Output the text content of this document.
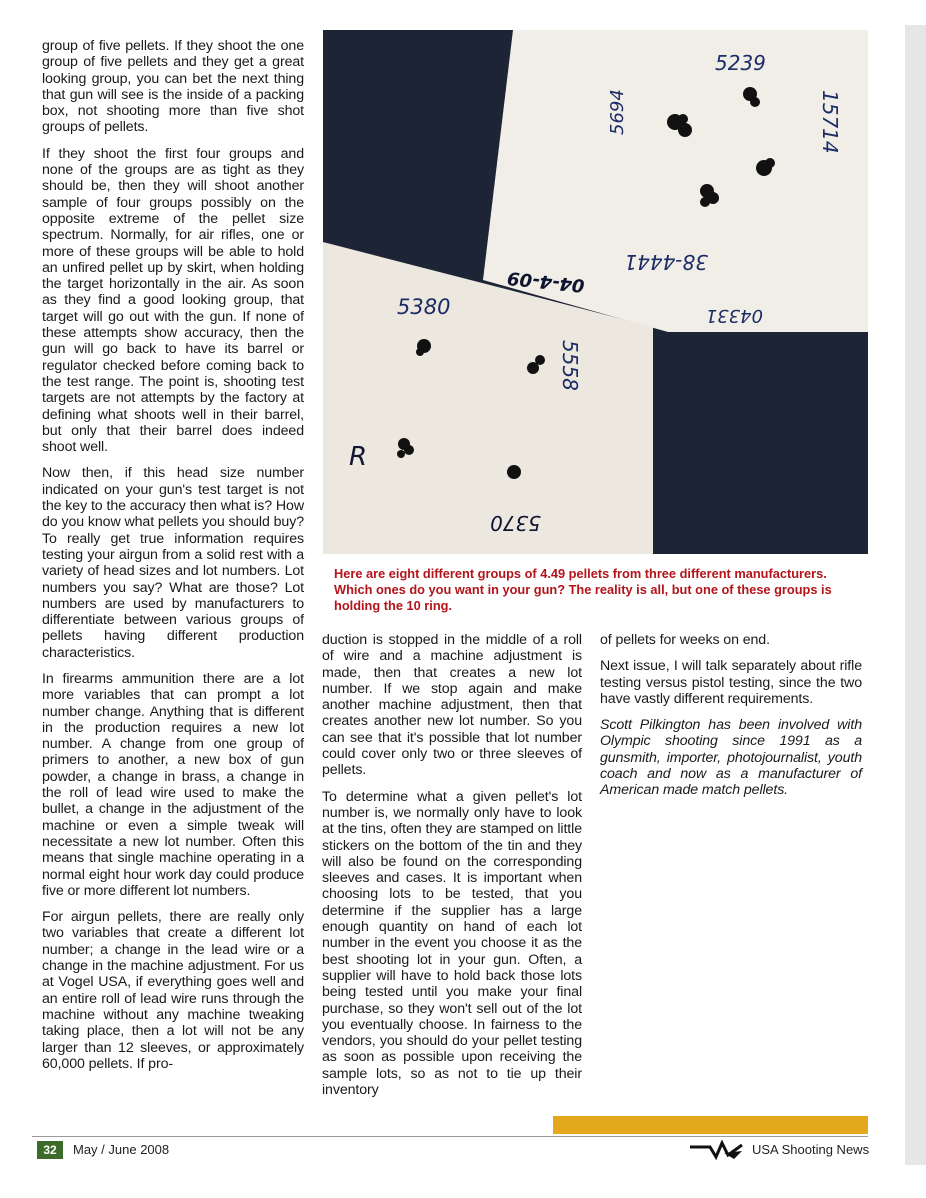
group of five pellets. If they shoot the one group of five pellets and they get a great looking group, you can bet the next thing that gun will see is the inside of a packing box, not shooting more than five shot groups of pellets.

If they shoot the first four groups and none of the groups are as tight as they should be, then they will shoot another sample of four groups possibly on the opposite extreme of the pellet size spectrum. Normally, for air rifles, one or more of these groups will be able to hold an unfired pellet up by skirt, when holding the target horizontally in the air. As soon as they find a good looking group, that target will go out with the gun. If none of these attempts show accuracy, then the gun will go back to have its barrel or regulator checked before coming back to the test range. The point is, shooting test targets are not attempts by the factory at defining what shoots well in their barrel, but only that their barrel does indeed shoot well.

Now then, if this head size number indicated on your gun's test target is not the key to the accuracy then what is? How do you know what pellets you should buy? To really get true information requires testing your airgun from a solid rest with a variety of head sizes and lot numbers. Lot numbers you say? What are those? Lot numbers are used by manufacturers to differentiate between various groups of pellets having different production characteristics.

In firearms ammunition there are a lot more variables that can prompt a lot number change. Anything that is different in the production requires a new lot number. A change from one group of primers to another, a new box of gun powder, a change in brass, a change in the roll of lead wire used to make the bullet, a change in the adjustment of the machine or even a simple tweak will necessitate a new lot number. Often this means that single machine operating in a normal eight hour work day could produce five or more different lot numbers.

For airgun pellets, there are really only two variables that create a different lot number; a change in the lead wire or a change in the machine adjustment. For us at Vogel USA, if everything goes well and an entire roll of lead wire runs through the machine without any machine tweaking taking place, then a lot will not be any larger than 12 sleeves, or approximately 60,000 pellets. If pro-

5239
5694	15714
38-4441
04-4-09
04331
5380
5558
R
5370
Here are eight different groups of 4.49 pellets from three different manufacturers. Which ones do you want in your gun? The reality is all, but one of these groups is holding the 10 ring.

duction is stopped in the middle of a roll of wire and a machine adjustment is made, then that creates a new lot number. If we stop again and make another machine adjustment, then that creates another new lot number. So you can see that it's possible that lot number could cover only two or three sleeves of pellets.

To determine what a given pellet's lot number is, we normally only have to look at the tins, often they are stamped on little stickers on the bottom of the tin and they will also be found on the corresponding sleeves and cases. It is important when choosing lots to be tested, that you determine if the supplier has a large enough quantity on hand of each lot number in the event you choose it as the best shooting lot in your gun. Often, a supplier will have to hold back those lots being tested until you make your final purchase, so they won't sell out of the lot you eventually choose. In fairness to the vendors, you should do your pellet testing as soon as possible upon receiving the sample lots, so as not to tie up their inventory

of pellets for weeks on end.

Next issue, I will talk separately about rifle testing versus pistol testing, since the two have vastly different requirements.

Scott Pilkington has been involved with Olympic shooting since 1991 as a gunsmith, importer, photojournalist, youth coach and now as a manufacturer of American made match pellets.

32	May / June 2008	USA Shooting News
